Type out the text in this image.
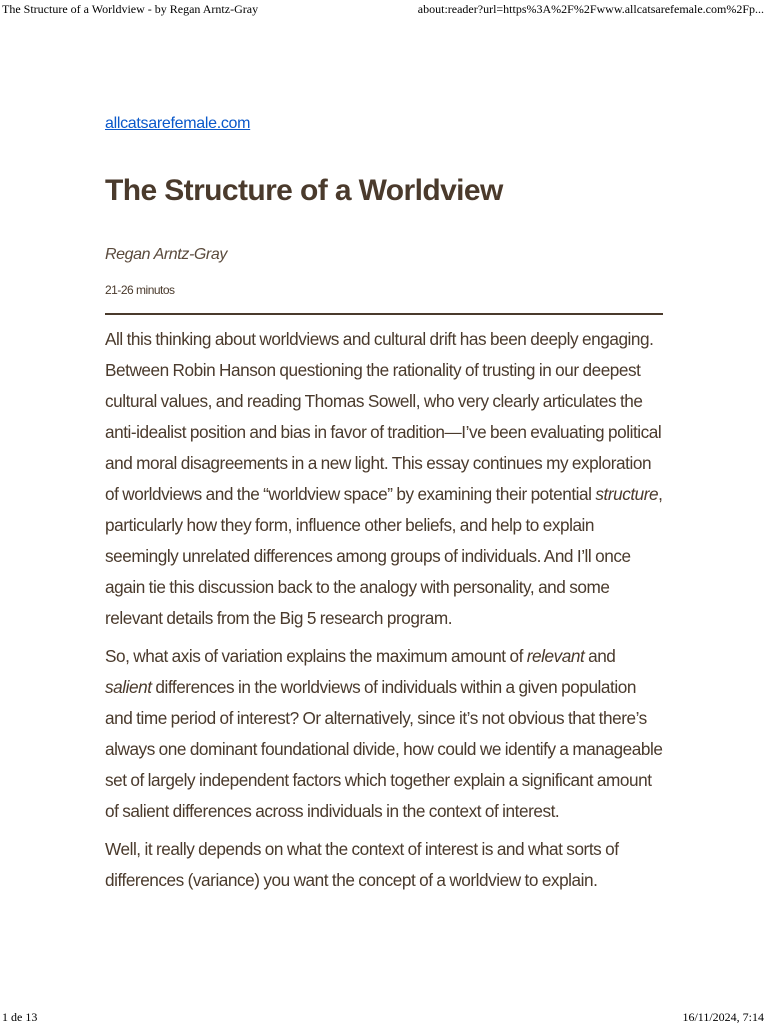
The Structure of a Worldview - by Regan Arntz-Gray	about:reader?url=https%3A%2F%2Fwww.allcatsarefemale.com%2Fp...
allcatsarefemale.com
The Structure of a Worldview
Regan Arntz-Gray
21-26 minutos

All this thinking about worldviews and cultural drift has been deeply engaging. Between Robin Hanson questioning the rationality of trusting in our deepest cultural values, and reading Thomas Sowell, who very clearly articulates the anti-idealist position and bias in favor of tradition—I’ve been evaluating political and moral disagreements in a new light. This essay continues my exploration of worldviews and the “worldview space” by examining their potential structure, particularly how they form, influence other beliefs, and help to explain seemingly unrelated differences among groups of individuals. And I’ll once again tie this discussion back to the analogy with personality, and some relevant details from the Big 5 research program.

So, what axis of variation explains the maximum amount of relevant and salient differences in the worldviews of individuals within a given population and time period of interest? Or alternatively, since it’s not obvious that there’s always one dominant foundational divide, how could we identify a manageable set of largely independent factors which together explain a significant amount of salient differences across individuals in the context of interest.

Well, it really depends on what the context of interest is and what sorts of differences (variance) you want the concept of a worldview to explain.

1 de 13	16/11/2024, 7:14
